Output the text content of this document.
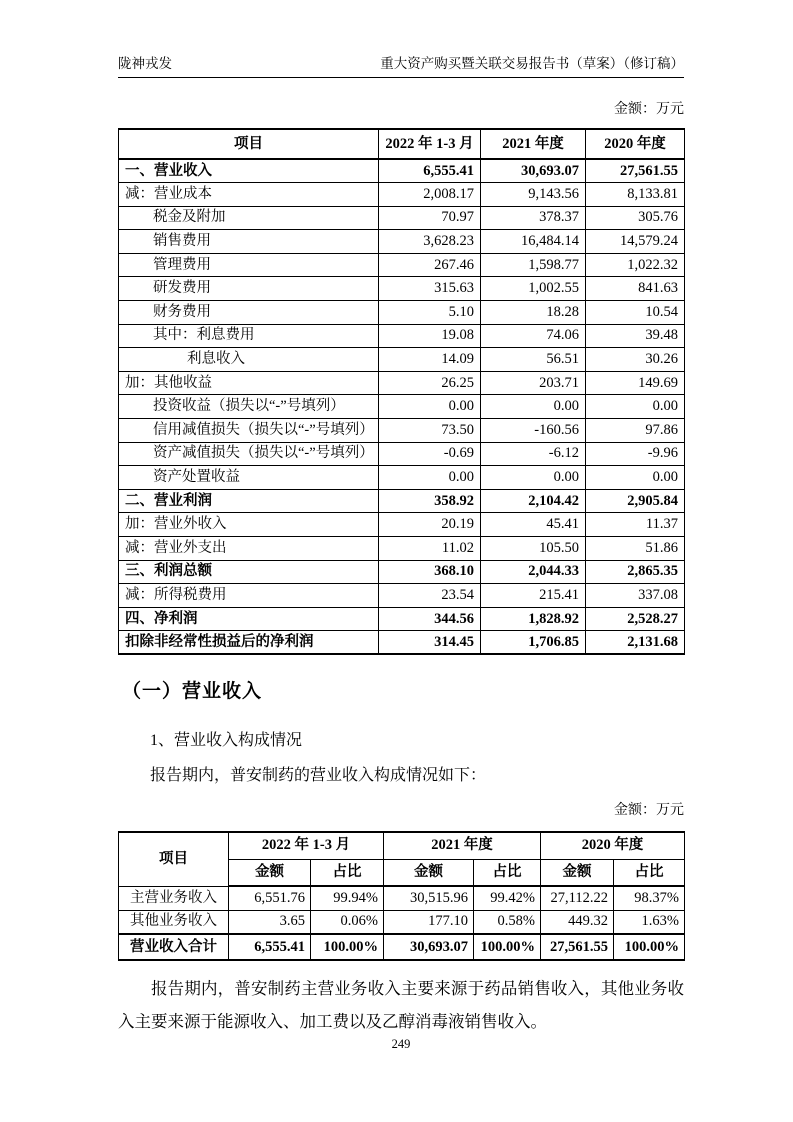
陇神戎发	重大资产购买暨关联交易报告书（草案）（修订稿）
金额：万元
项目	2022 年 1-3 月	2021 年度	2020 年度
一、营业收入	6,555.41	30,693.07	27,561.55
减：营业成本	2,008.17	9,143.56	8,133.81
税金及附加	70.97	378.37	305.76
销售费用	3,628.23	16,484.14	14,579.24
管理费用	267.46	1,598.77	1,022.32
研发费用	315.63	1,002.55	841.63
财务费用	5.10	18.28	10.54
其中：利息费用	19.08	74.06	39.48
利息收入	14.09	56.51	30.26
加：其他收益	26.25	203.71	149.69
投资收益（损失以“-”号填列）	0.00	0.00	0.00
信用减值损失（损失以“-”号填列）	73.50	-160.56	97.86
资产减值损失（损失以“-”号填列）	-0.69	-6.12	-9.96
资产处置收益	0.00	0.00	0.00
二、营业利润	358.92	2,104.42	2,905.84
加：营业外收入	20.19	45.41	11.37
减：营业外支出	11.02	105.50	51.86
三、利润总额	368.10	2,044.33	2,865.35
减：所得税费用	23.54	215.41	337.08
四、净利润	344.56	1,828.92	2,528.27
扣除非经常性损益后的净利润	314.45	1,706.85	2,131.68
（一）营业收入
1、营业收入构成情况
报告期内，普安制药的营业收入构成情况如下：
金额：万元
项目	2022 年 1-3 月		2021 年度		2020 年度	
	金额	占比	金额	占比	金额	占比
主营业务收入	6,551.76	99.94%	30,515.96	99.42%	27,112.22	98.37%
其他业务收入	3.65	0.06%	177.10	0.58%	449.32	1.63%
营业收入合计	6,555.41	100.00%	30,693.07	100.00%	27,561.55	100.00%
报告期内，普安制药主营业务收入主要来源于药品销售收入，其他业务收入主要来源于能源收入、加工费以及乙醇消毒液销售收入。
249
